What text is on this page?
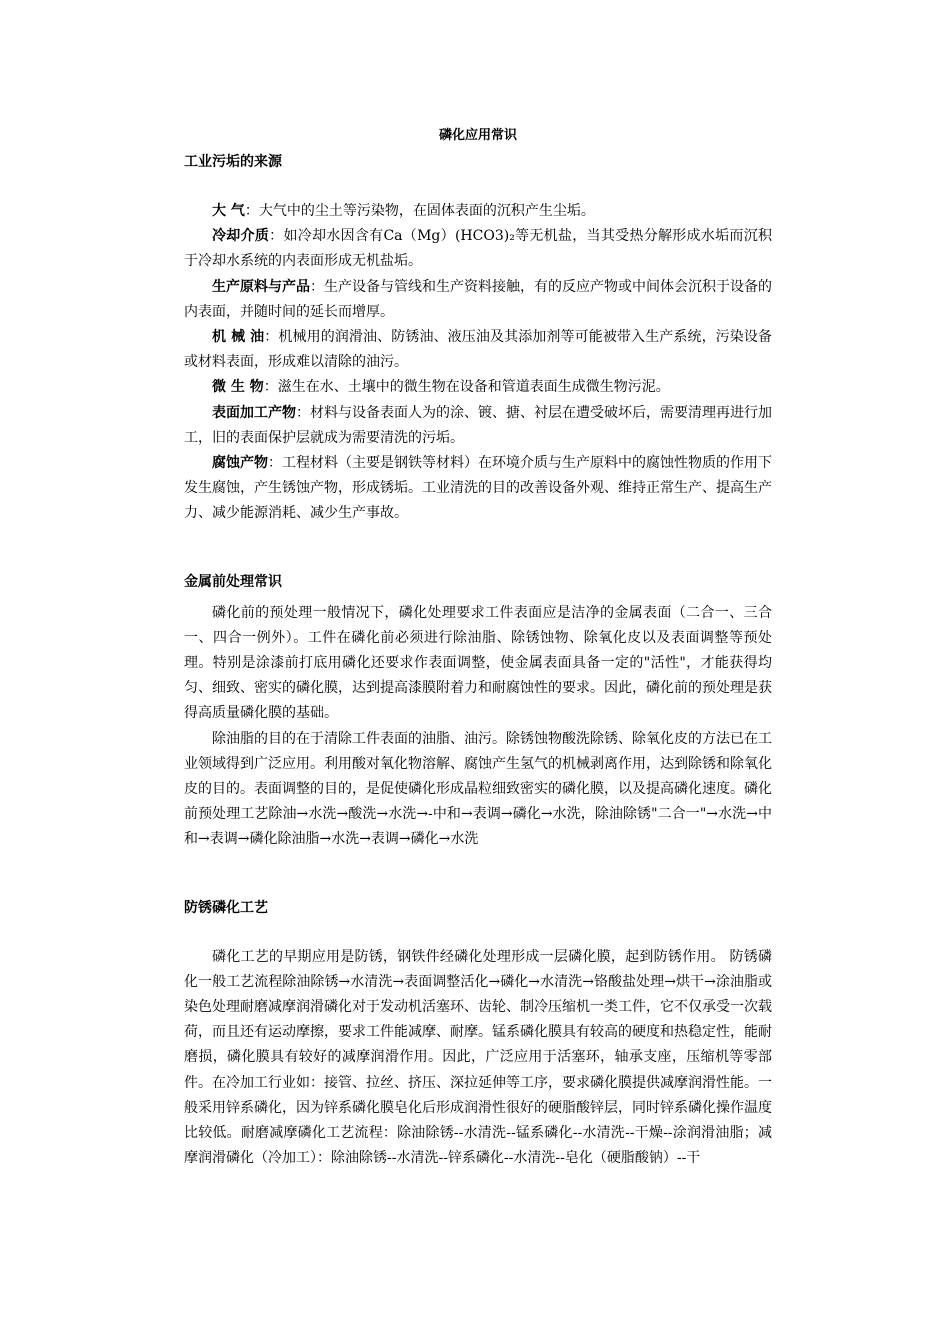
磷化应用常识
工业污垢的来源

大 气：大气中的尘土等污染物，在固体表面的沉积产生尘垢。

冷却介质：如冷却水因含有Ca（Mg）(HCO3)₂等无机盐，当其受热分解形成水垢而沉积于冷却水系统的内表面形成无机盐垢。

生产原料与产品：生产设备与管线和生产资料接触，有的反应产物或中间体会沉积于设备的内表面，并随时间的延长而增厚。

机 械 油：机械用的润滑油、防锈油、液压油及其添加剂等可能被带入生产系统，污染设备或材料表面，形成难以清除的油污。

微 生 物：滋生在水、土壤中的微生物在设备和管道表面生成微生物污泥。

表面加工产物：材料与设备表面人为的涂、镀、搪、衬层在遭受破坏后，需要清理再进行加工，旧的表面保护层就成为需要清洗的污垢。

腐蚀产物：工程材料（主要是钢铁等材料）在环境介质与生产原料中的腐蚀性物质的作用下发生腐蚀，产生锈蚀产物，形成锈垢。工业清洗的目的改善设备外观、维持正常生产、提高生产力、减少能源消耗、减少生产事故。

金属前处理常识

磷化前的预处理一般情况下，磷化处理要求工件表面应是洁净的金属表面（二合一、三合一、四合一例外）。工件在磷化前必须进行除油脂、除锈蚀物、除氧化皮以及表面调整等预处理。特别是涂漆前打底用磷化还要求作表面调整，使金属表面具备一定的"活性"，才能获得均匀、细致、密实的磷化膜，达到提高漆膜附着力和耐腐蚀性的要求。因此，磷化前的预处理是获得高质量磷化膜的基础。

除油脂的目的在于清除工件表面的油脂、油污。除锈蚀物酸洗除锈、除氧化皮的方法已在工业领域得到广泛应用。利用酸对氧化物溶解、腐蚀产生氢气的机械剥离作用，达到除锈和除氧化皮的目的。表面调整的目的，是促使磷化形成晶粒细致密实的磷化膜，以及提高磷化速度。磷化前预处理工艺除油→水洗→酸洗→水洗→-中和→表调→磷化→水洗，除油除锈"二合一"→水洗→中和→表调→磷化除油脂→水洗→表调→磷化→水洗

防锈磷化工艺

磷化工艺的早期应用是防锈，钢铁件经磷化处理形成一层磷化膜，起到防锈作用。 防锈磷化一般工艺流程除油除锈→水清洗→表面调整活化→磷化→水清洗→铬酸盐处理→烘干→涂油脂或染色处理耐磨减摩润滑磷化对于发动机活塞环、齿轮、制冷压缩机一类工件，它不仅承受一次载荷，而且还有运动摩擦，要求工件能减摩、耐摩。锰系磷化膜具有较高的硬度和热稳定性，能耐磨损，磷化膜具有较好的减摩润滑作用。因此，广泛应用于活塞环，轴承支座，压缩机等零部件。在冷加工行业如：接管、拉丝、挤压、深拉延伸等工序，要求磷化膜提供减摩润滑性能。一般采用锌系磷化，因为锌系磷化膜皂化后形成润滑性很好的硬脂酸锌层，同时锌系磷化操作温度比较低。耐磨减摩磷化工艺流程：除油除锈--水清洗--锰系磷化--水清洗--干燥--涂润滑油脂；减摩润滑磷化（冷加工）：除油除锈--水清洗--锌系磷化--水清洗--皂化（硬脂酸钠）--干
